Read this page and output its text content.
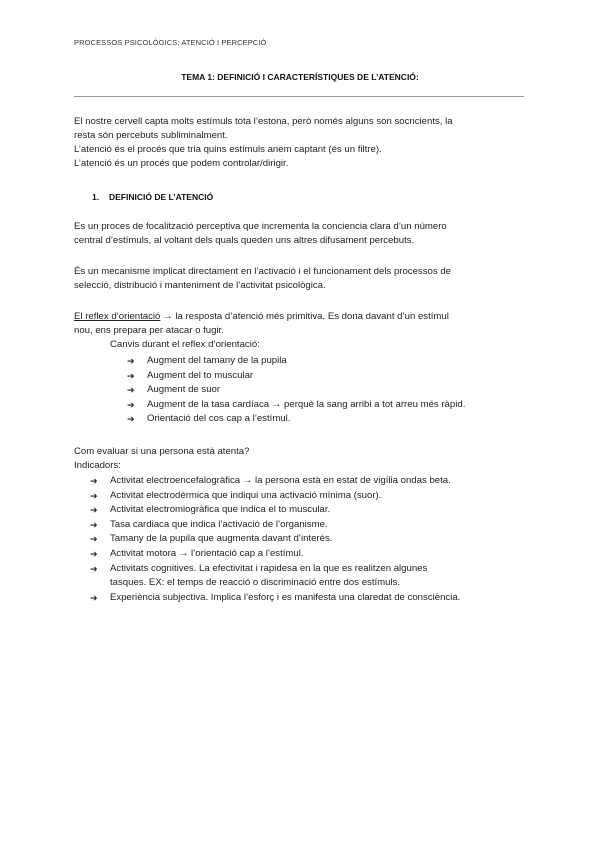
PROCESSOS PSICOLÒGICS: ATENCIÓ I PERCEPCIÓ
TEMA 1: DEFINICIÓ I CARACTERÍSTIQUES DE L’ATENCIÓ:
El nostre cervell capta molts estímuls tota l’estona, però només alguns son socncients, la
resta són percebuts subliminalment.
L’atenció és el procés que tria quins estímuls anem captant (és un filtre).
L’atenció és un procés que podem controlar/dirigir.
1. DEFINICIÓ DE L’ATENCIÓ
Es un proces de focalització perceptiva que incrementa la conciencia clara d’un número
central d’estímuls, al voltant dels quals queden uns altres difusament percebuts.
És un mecanisme implicat directament en l’activació i el funcionament dels processos de
selecció, distribució i manteniment de l’activitat psicològica.
El reflex d’orientació → la resposta d’atenció més primitiva. Es dona davant d’un estímul
nou, ens prepara per atacar o fugir.
Canvis durant el reflex d’orientació:
➔ Augment del tamany de la pupila
➔ Augment del to muscular
➔ Augment de suor
➔ Augment de la tasa cardíaca → perquè la sang arribi a tot arreu més ràpid.
➔ Orientació del cos cap a l’estímul.
Com evaluar si una persona està atenta?
Indicadors:
➔ Activitat electroencefalogràfica → la persona està en estat de vigília ondas beta.
➔ Activitat electrodèrmica que indiqui una activació mínima (suor).
➔ Activitat electromiogràfica que indica el to muscular.
➔ Tasa cardiaca que indica l’activació de l’organisme.
➔ Tamany de la pupila que augmenta davant d’interès.
➔ Activitat motora → l’orientació cap a l’estímul.
➔ Activitats cognitives. La efectivitat i rapidesa en la que es realitzen algunes
tasques. EX: el temps de reacció o discriminació entre dos estímuls.
➔ Experiència subjectiva. Implica l’esforç i es manifesta una claredat de consciència.
